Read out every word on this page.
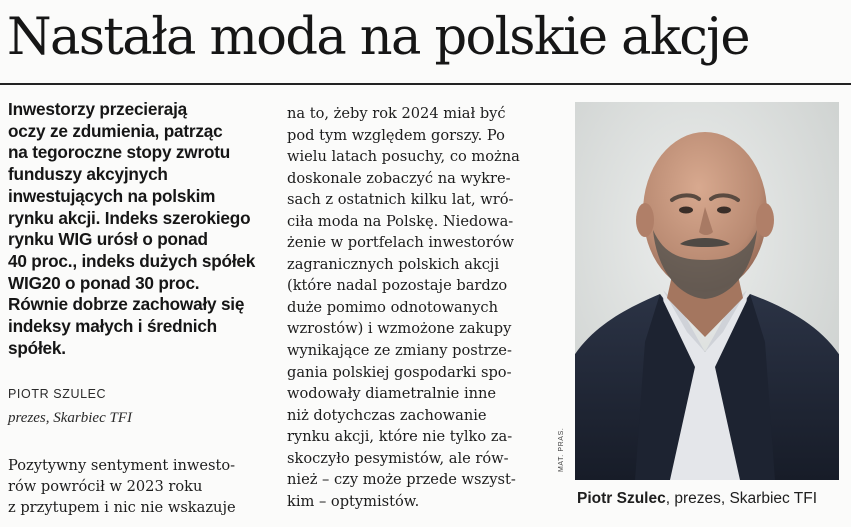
Nastała moda na polskie akcje
Inwestorzy przecierają
oczy ze zdumienia, patrząc
na tegoroczne stopy zwrotu
funduszy akcyjnych
inwestujących na polskim
rynku akcji. Indeks szerokiego
rynku WIG urósł o ponad
40 proc., indeks dużych spółek
WIG20 o ponad 30 proc.
Równie dobrze zachowały się
indeksy małych i średnich
spółek.
PIOTR SZULEC
prezes, Skarbiec TFI
Pozytywny sentyment inwesto-
rów powrócił w 2023 roku
z przytupem i nic nie wskazuje
na to, żeby rok 2024 miał być
pod tym względem gorszy. Po
wielu latach posuchy, co można
doskonale zobaczyć na wykre-
sach z ostatnich kilku lat, wró-
ciła moda na Polskę. Niedowa-
żenie w portfelach inwestorów
zagranicznych polskich akcji
(które nadal pozostaje bardzo
duże pomimo odnotowanych
wzrostów) i wzmożone zakupy
wynikające ze zmiany postrze-
gania polskiej gospodarki spo-
wodowały diametralnie inne
niż dotychczas zachowanie
rynku akcji, które nie tylko za-
skoczyło pesymistów, ale rów-
nież – czy może przede wszyst-
kim – optymistów.
MAT. PRAS.
Piotr Szulec, prezes, Skarbiec TFI
